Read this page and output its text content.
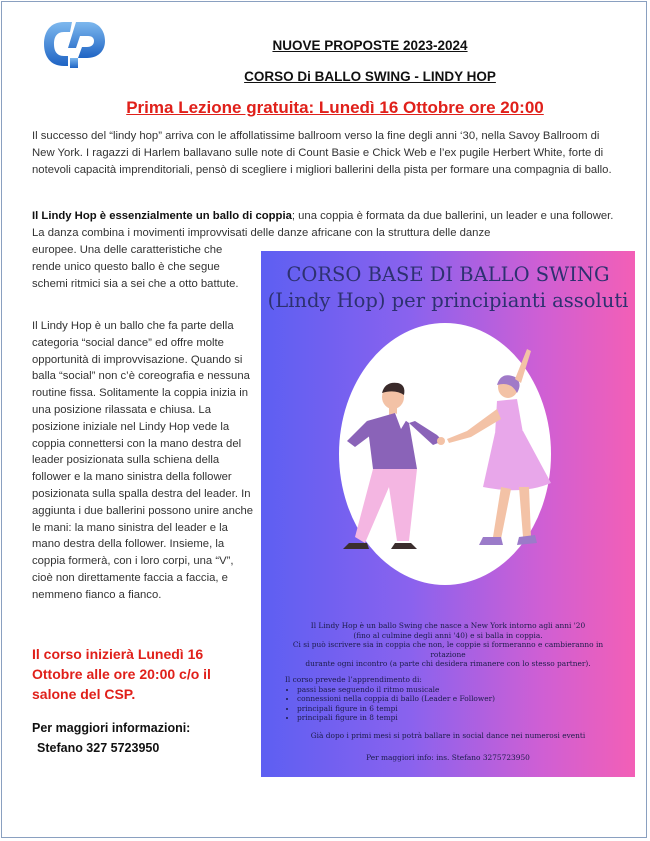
NUOVE PROPOSTE 2023-2024
CORSO Di BALLO SWING - LINDY HOP
Prima Lezione gratuita: Lunedì 16 Ottobre ore 20:00

Il successo del “lindy hop” arriva con le affollatissime ballroom verso la fine degli anni ‘30, nella Savoy Ballroom di New York. I ragazzi di Harlem ballavano sulle note di Count Basie e Chick Web e l’ex pugile Herbert White, forte di notevoli capacità imprenditoriali, pensò di scegliere i migliori ballerini della pista per formare una compagnia di ballo.

Il Lindy Hop è essenzialmente un ballo di coppia; una coppia è formata da due ballerini, un leader e una follower. La danza combina i movimenti improvvisati delle danze africane con la struttura delle danze

europee. Una delle caratteristiche che rende unico questo ballo è che segue schemi ritmici sia a sei che a otto battute.

Il Lindy Hop è un ballo che fa parte della categoria “social dance” ed offre molte opportunità di improvvisazione. Quando si balla “social” non c’è coreografia e nessuna routine fissa. Solitamente la coppia inizia in una posizione rilassata e chiusa. La posizione iniziale nel Lindy Hop vede la coppia connettersi con la mano destra del leader posizionata sulla schiena della follower e la mano sinistra della follower posizionata sulla spalla destra del leader. In aggiunta i due ballerini possono unire anche le mani: la mano sinistra del leader e la mano destra della follower. Insieme, la coppia formerà, con i loro corpi, una “V”, cioè non direttamente faccia a faccia, e nemmeno fianco a fianco.

Il corso inizierà Lunedì 16 Ottobre alle ore 20:00 c/o il salone del CSP.
Per maggiori informazioni:
Stefano 327 5723950
CORSO BASE DI BALLO SWING
(Lindy Hop) per principianti assoluti

Il Lindy Hop è un ballo Swing che nasce a New York intorno agli anni '20
(fino al culmine degli anni '40) e si balla in coppia.
Ci si può iscrivere sia in coppia che non, le coppie si formeranno e cambieranno in rotazione
durante ogni incontro (a parte chi desidera rimanere con lo stesso partner).

Il corso prevede l’apprendimento di:
• passi base seguendo il ritmo musicale
• connessioni nella coppia di ballo (Leader e Follower)
• principali figure in 6 tempi
• principali figure in 8 tempi
Già dopo i primi mesi si potrà ballare in social dance nei numerosi eventi
Per maggiori info: ins. Stefano 3275723950
